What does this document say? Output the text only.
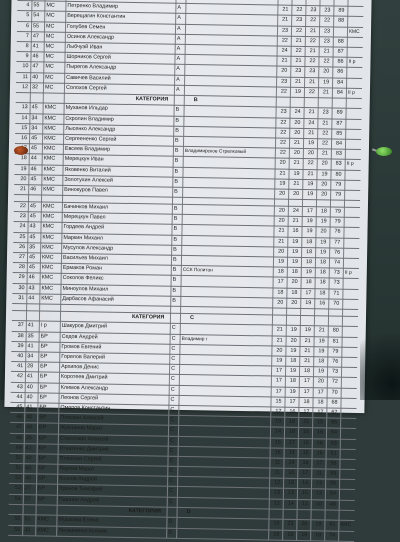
4 55	МС	Петренко Владимир	А	21	22	23	23	89
5 54	МС	Верещагин Константин	А	21	23	22	22	88
6 55	МС	Голубев Семен	А	23	22	21	23	КМС
7 47	МС	Осинов Александр	А	22	21	22	23	88
8 41	МС	Лыбчуэй Иван	А	24	22	21	21	87
9 46	МС	Шорников Сергей	А	21	21	22	22	86 II р
10 47	МС	Пырегов Александр	А	20	23	23	20	86
11 40	МС	Савичев Василий	А	23	21	21	19	84
12 32	МС	Солохов Сергей	А	22	19	22	21	84 II р
КАТЕГОРИЯ	В
13 45	КМС	Муханов Ильдар	В	23	24	21	23	89
14 34	КМС	Скролин Владимир	В	22	20	24	21	87
15 34	КМС	Лысенко Александр	В	22	20	21	22	85
16 45	КМС	Сергеененко Сергей	В	22	21	19	22	84
45	КМС	Евсеев Владимир	В	Владимирское Стрелковый	22	20	20	21	83
18 44	КМС	Мерецкун Иван	В	20	21	22	20	83 II р
19 46	КМС	Яковенко Виталий	В	21	19	21	19	80
20 45	КМС	Золотухин Алексей	В	19	21	19	20	79
21 46	КМС	Винокуров Павел	В	20	20	19	20	79
22 45	КМС	Бачинков Михаил	В	20	24	17	18	79
23 45	КМС	Мерецкун Павел	В	20	21	19	19	79
24 43	КМС	Гордеев Андрей	В	21	16	19	20	76
25 45	КМС	Маркин Михаил	В	21	19	18	19	77
26 35	КМС	Мусулов Александр	В	20	19	18	19	76
27 45	КМС	Васильев Михаил	В	19	19	18	18	74
28 45	КМС	Ермаков Роман	В	ССК Политон	18	18	19	18	73 II р
29 46	КМС	Соколов Феликс	В	17	20	18	18	73
30 43	КМС	Миноулов Михаил	В	18	18	17	18	71
31 44	КМС	Дарбасов Афанасий	В	20	20	19	16	70
КАТЕГОРИЯ	С
37 41	I р	Шакуров Дмитрий	С	21	19	19	21	80
38 35	БР	Седов Андрей	С	Владимир г	21	20	21	19	81
39 41	БР	Громов Евгений	С	20	19	21	19	79
40 34	БР	Горелов Валерий	С	19	18	21	18	76
41 28	БР	Архипов Денис	С	17	19	18	19	73
42 41	БР	Коротеев Дмитрий	С	17	18	17	20	72
43 40	БР	Климов Александр	С	17	19	17	17	70
44 40	БР	Леонов Сергей	С	15	17	18	18	68
45 41	БР	Омеров Константин	С	17	16	17	17	67
46 40	БР	Плескин Алексей	С	19	16	15	15	65
47 40	БР	Жукланов Марат	С	14	18	16	16	64
48 35	БР	Степочкин Алексей	С	15	17	15	16	63
49 41	БР	Игнатенко Дмитрий	С	16	14	15	16	61
50 40	БР	Плюснин Сергей	С	11	14	16	17	58
51 60	БР	Якупов Марат	С	11	16	17	11	55
52 40	БР	Козлов Андрей	С	12	16	14	13	55
53 27	БР	Хренов Тимофей	С	13	13	15	13	54
54 27	БР	Пашнин Андрей	С	12	14	13	10	49
КАТЕГОРИЯ	D
55 51	КМС	Мушкова Елена	D	19	23	20	19	81 КМС
56 33	КМС	Литвиненко Ксения	D	18	19	19	18	74
